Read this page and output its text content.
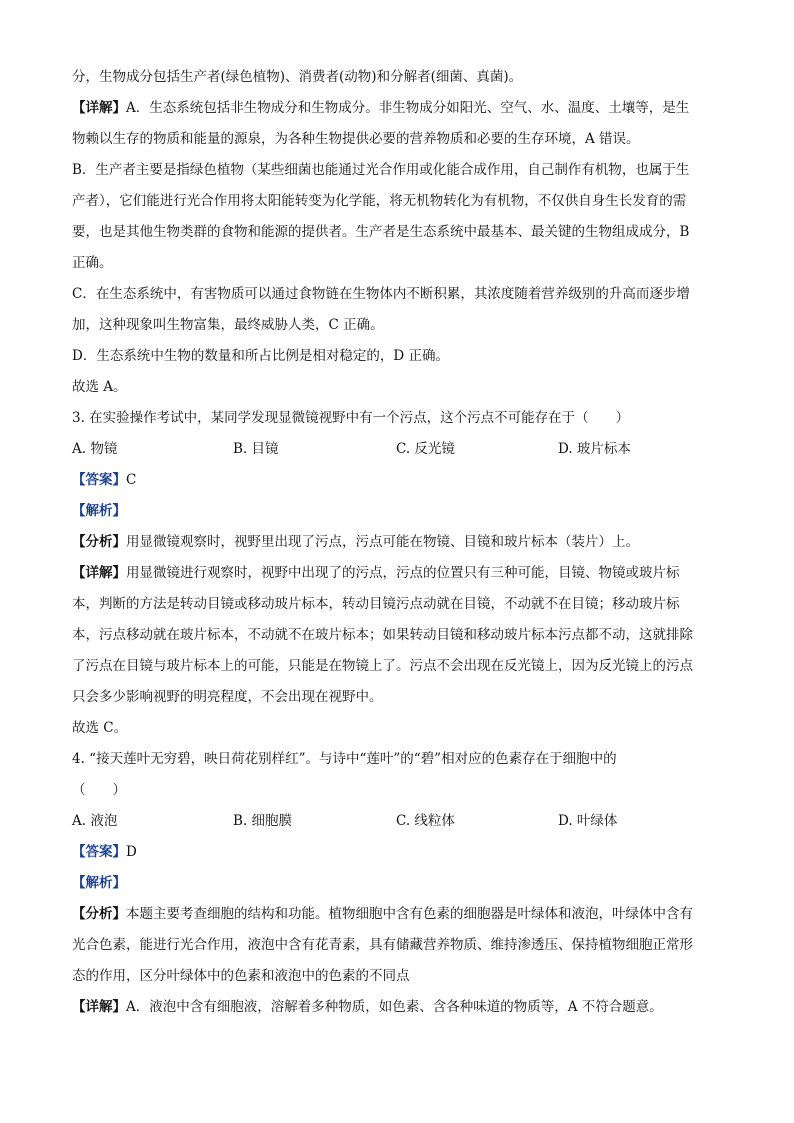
分，生物成分包括生产者(绿色植物)、消费者(动物)和分解者(细菌、真菌)。

【详解】A．生态系统包括非生物成分和生物成分。非生物成分如阳光、空气、水、温度、土壤等，是生

物赖以生存的物质和能量的源泉，为各种生物提供必要的营养物质和必要的生存环境，A 错误。

B．生产者主要是指绿色植物（某些细菌也能通过光合作用或化能合成作用，自己制作有机物，也属于生

产者），它们能进行光合作用将太阳能转变为化学能，将无机物转化为有机物，不仅供自身生长发育的需

要，也是其他生物类群的食物和能源的提供者。生产者是生态系统中最基本、最关键的生物组成成分，B

正确。

C．在生态系统中，有害物质可以通过食物链在生物体内不断积累，其浓度随着营养级别的升高而逐步增

加，这种现象叫生物富集，最终威胁人类，C 正确。

D．生态系统中生物的数量和所占比例是相对稳定的，D 正确。

故选 A。

3. 在实验操作考试中，某同学发现显微镜视野中有一个污点，这个污点不可能存在于（　　）

A. 物镜	B. 目镜	C. 反光镜	D. 玻片标本

【答案】C

【解析】

【分析】用显微镜观察时，视野里出现了污点，污点可能在物镜、目镜和玻片标本（装片）上。

【详解】用显微镜进行观察时，视野中出现了的污点，污点的位置只有三种可能，目镜、物镜或玻片标

本，判断的方法是转动目镜或移动玻片标本，转动目镜污点动就在目镜，不动就不在目镜；移动玻片标

本，污点移动就在玻片标本，不动就不在玻片标本；如果转动目镜和移动玻片标本污点都不动，这就排除

了污点在目镜与玻片标本上的可能，只能是在物镜上了。污点不会出现在反光镜上，因为反光镜上的污点

只会多少影响视野的明亮程度，不会出现在视野中。

故选 C。

4. “接天莲叶无穷碧，映日荷花别样红”。与诗中“莲叶”的“碧”相对应的色素存在于细胞中的

（　　）

A. 液泡	B. 细胞膜	C. 线粒体	D. 叶绿体

【答案】D

【解析】

【分析】本题主要考查细胞的结构和功能。植物细胞中含有色素的细胞器是叶绿体和液泡，叶绿体中含有

光合色素，能进行光合作用，液泡中含有花青素，具有储藏营养物质、维持渗透压、保持植物细胞正常形

态的作用，区分叶绿体中的色素和液泡中的色素的不同点

【详解】A．液泡中含有细胞液，溶解着多种物质，如色素、含各种味道的物质等，A 不符合题意。
